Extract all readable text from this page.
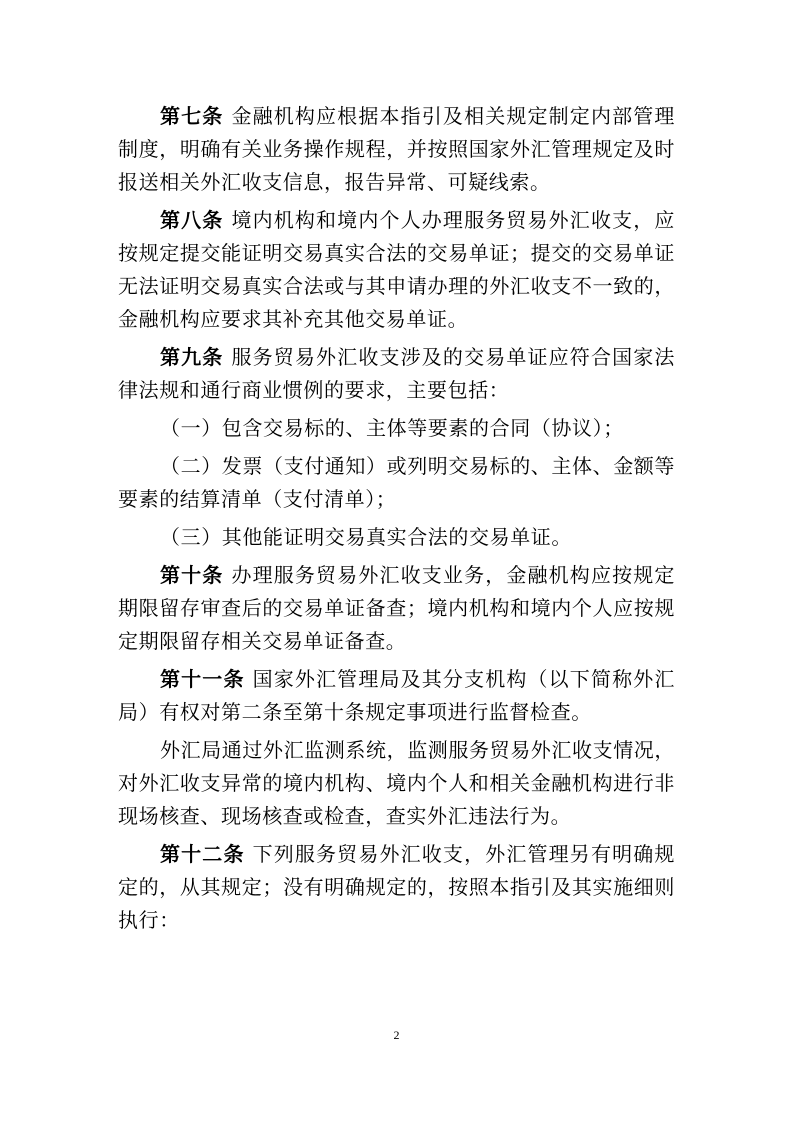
第七条 金融机构应根据本指引及相关规定制定内部管理制度，明确有关业务操作规程，并按照国家外汇管理规定及时报送相关外汇收支信息，报告异常、可疑线索。

第八条 境内机构和境内个人办理服务贸易外汇收支，应按规定提交能证明交易真实合法的交易单证；提交的交易单证无法证明交易真实合法或与其申请办理的外汇收支不一致的，金融机构应要求其补充其他交易单证。

第九条 服务贸易外汇收支涉及的交易单证应符合国家法律法规和通行商业惯例的要求，主要包括：

（一）包含交易标的、主体等要素的合同（协议）；

（二）发票（支付通知）或列明交易标的、主体、金额等要素的结算清单（支付清单）；

（三）其他能证明交易真实合法的交易单证。

第十条 办理服务贸易外汇收支业务，金融机构应按规定期限留存审查后的交易单证备查；境内机构和境内个人应按规定期限留存相关交易单证备查。

第十一条 国家外汇管理局及其分支机构（以下简称外汇局）有权对第二条至第十条规定事项进行监督检查。

外汇局通过外汇监测系统，监测服务贸易外汇收支情况，对外汇收支异常的境内机构、境内个人和相关金融机构进行非现场核查、现场核查或检查，查实外汇违法行为。

第十二条 下列服务贸易外汇收支，外汇管理另有明确规定的，从其规定；没有明确规定的，按照本指引及其实施细则执行：

2
